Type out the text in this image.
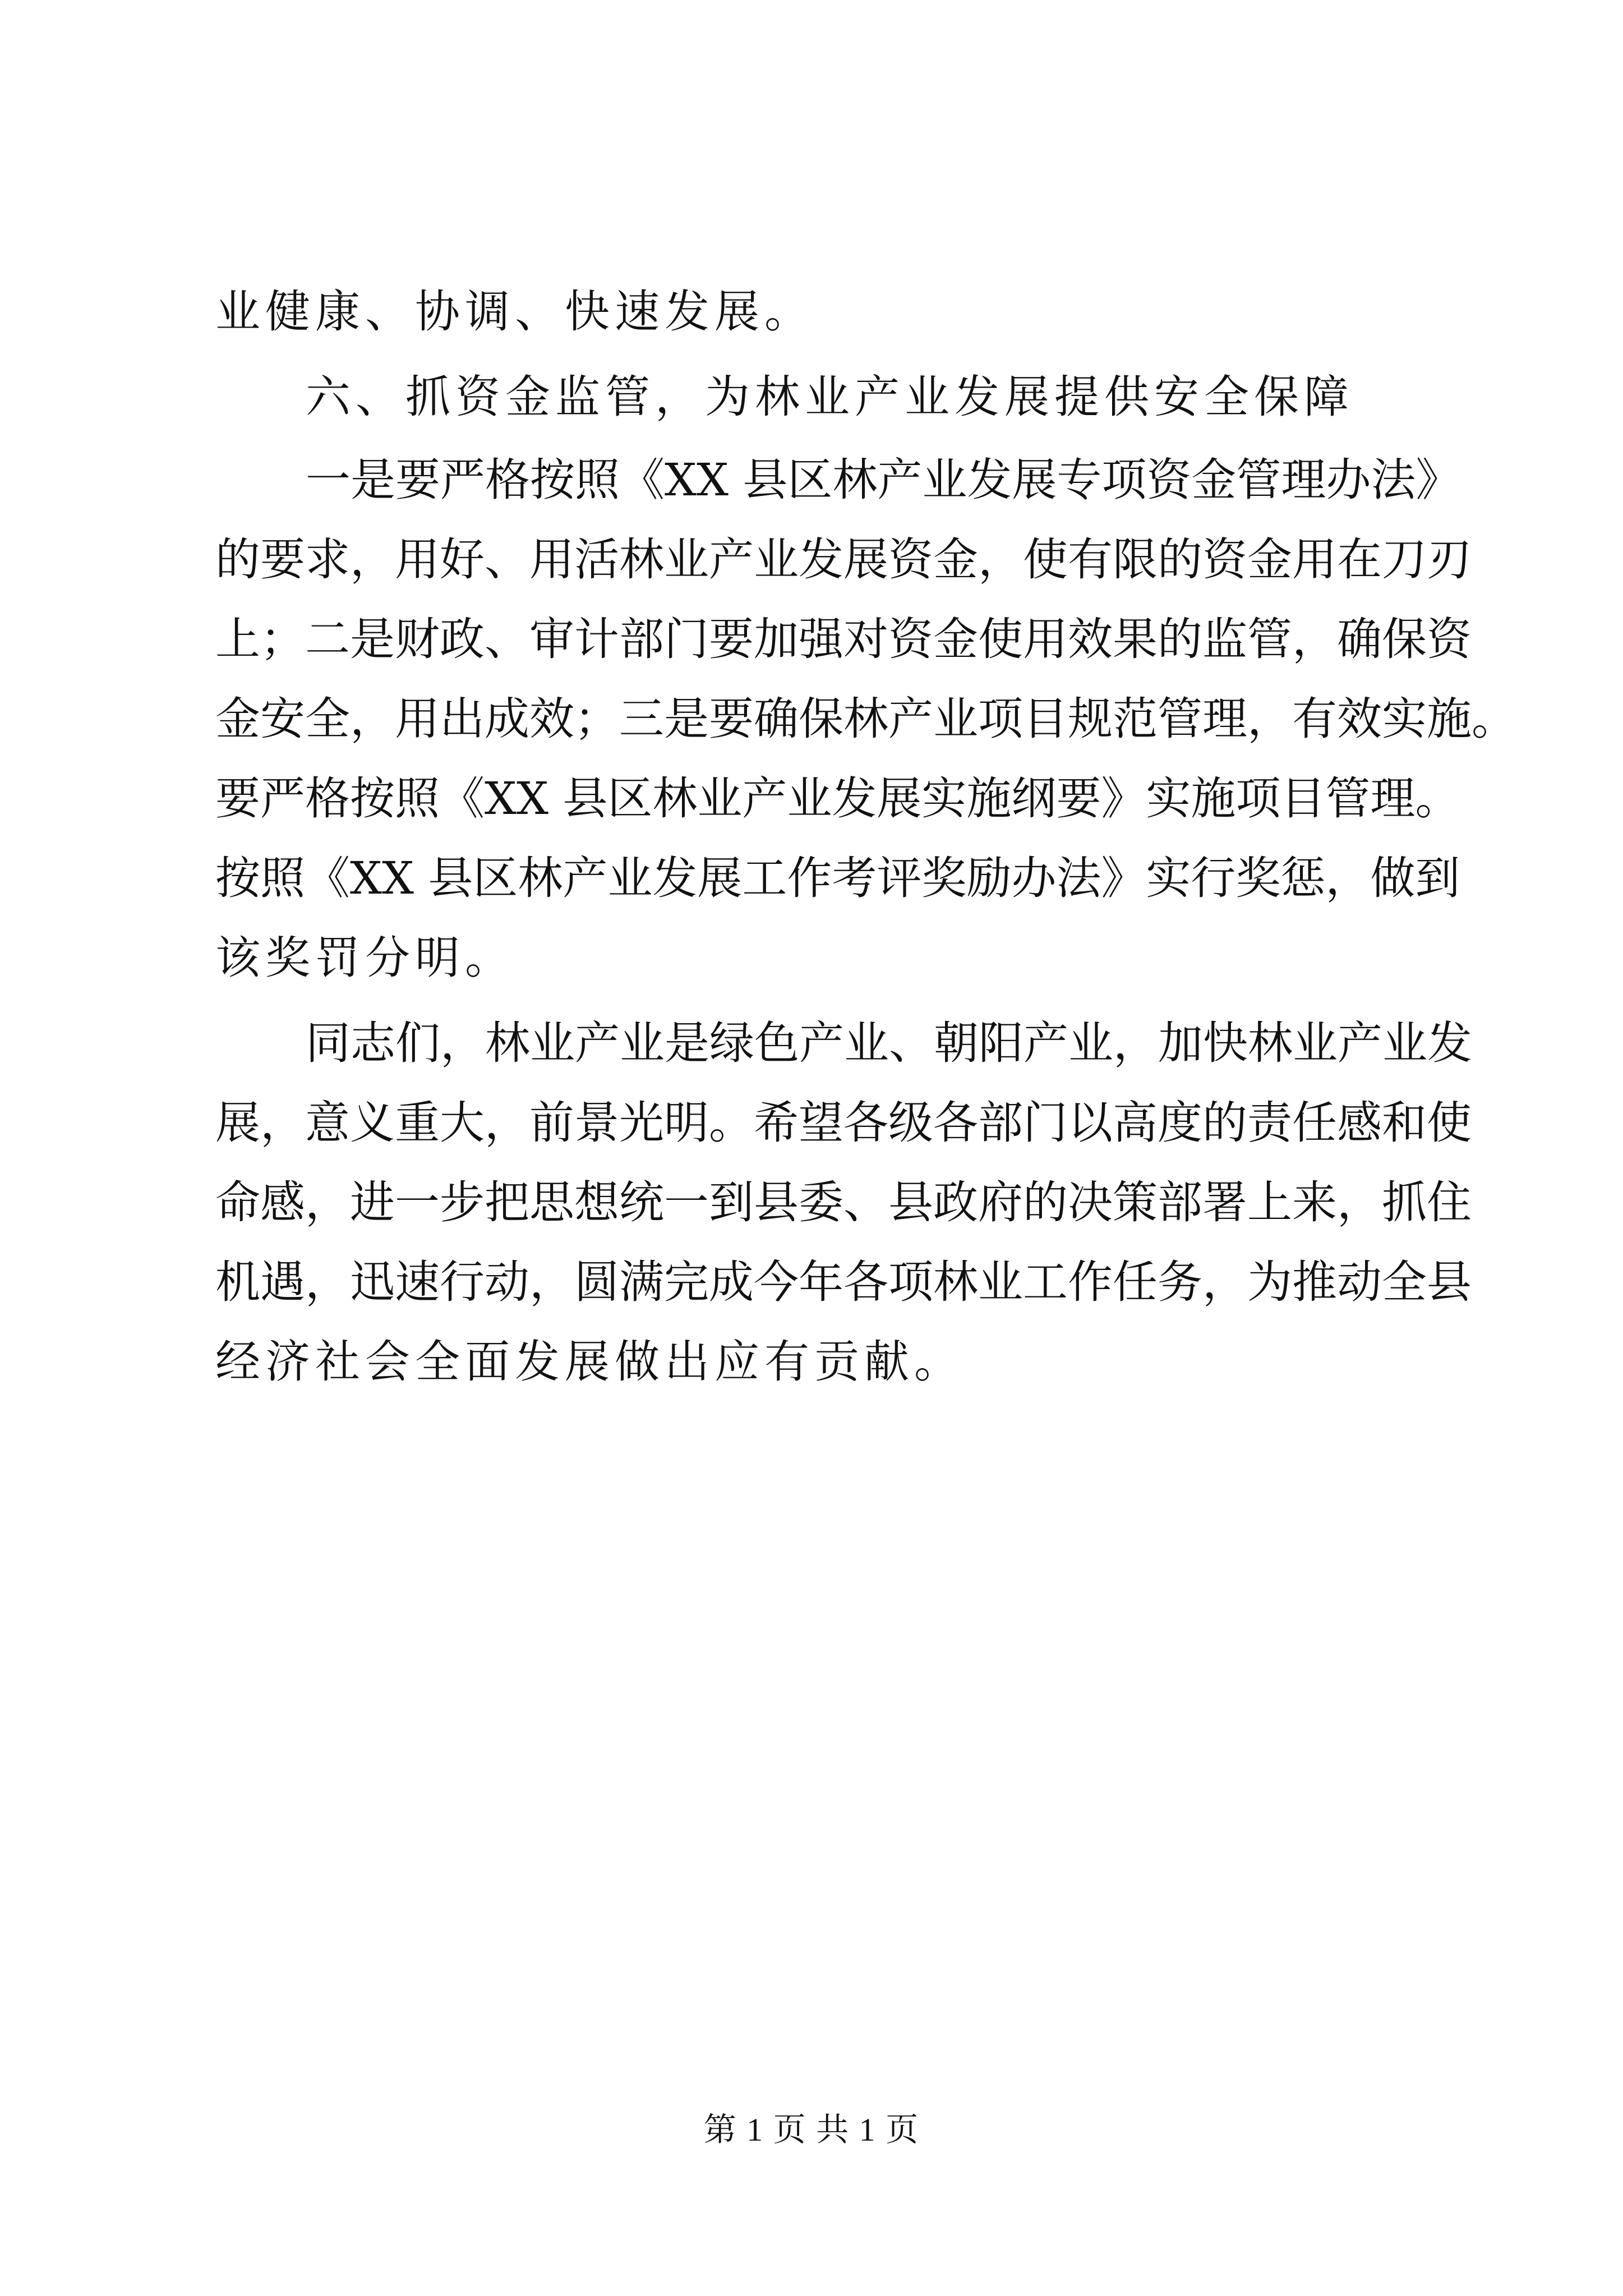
业健康、协调、快速发展。
六、抓资金监管，为林业产业发展提供安全保障
一是要严格按照《XX 县区林产业发展专项资金管理办法》
的要求，用好、用活林业产业发展资金，使有限的资金用在刀刃
上；二是财政、审计部门要加强对资金使用效果的监管，确保资
金安全，用出成效；三是要确保林产业项目规范管理，有效实施。
要严格按照《XX 县区林业产业发展实施纲要》实施项目管理。
按照《XX 县区林产业发展工作考评奖励办法》实行奖惩，做到
该奖罚分明。
同志们，林业产业是绿色产业、朝阳产业，加快林业产业发
展，意义重大，前景光明。希望各级各部门以高度的责任感和使
命感，进一步把思想统一到县委、县政府的决策部署上来，抓住
机遇，迅速行动，圆满完成今年各项林业工作任务，为推动全县
经济社会全面发展做出应有贡献。
第 1 页 共 1 页
